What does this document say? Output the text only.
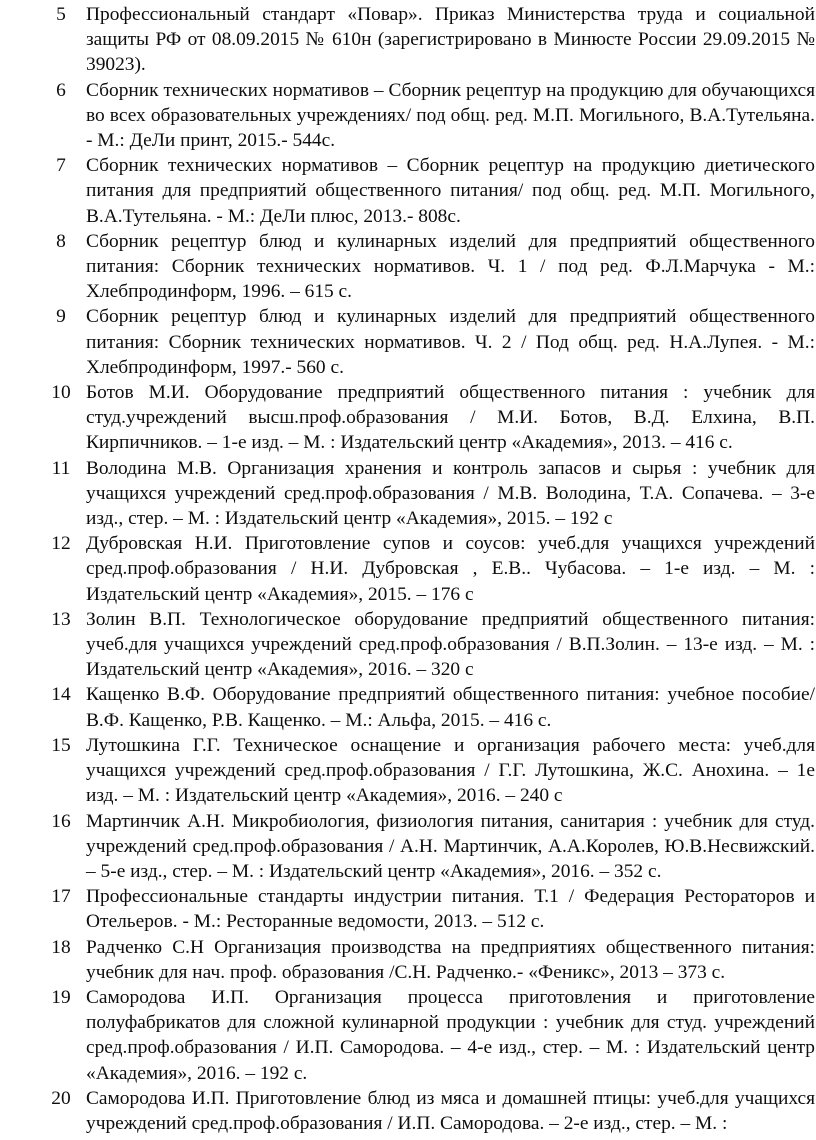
5	Профессиональный стандарт «Повар». Приказ Министерства труда и социальной защиты РФ от 08.09.2015 № 610н (зарегистрировано в Минюсте России 29.09.2015 № 39023).
6	Сборник технических нормативов – Сборник рецептур на продукцию для обучающихся во всех образовательных учреждениях/ под общ. ред. М.П. Могильного, В.А.Тутельяна. - М.: ДеЛи принт, 2015.- 544с.
7	Сборник технических нормативов – Сборник рецептур на продукцию диетического питания для предприятий общественного питания/ под общ. ред. М.П. Могильного, В.А.Тутельяна. - М.: ДеЛи плюс, 2013.- 808с.
8	Сборник рецептур блюд и кулинарных изделий для предприятий общественного питания: Сборник технических нормативов. Ч. 1 / под ред. Ф.Л.Марчука - М.: Хлебпродинформ, 1996. – 615 с.
9	Сборник рецептур блюд и кулинарных изделий для предприятий общественного питания: Сборник технических нормативов. Ч. 2 / Под общ. ред. Н.А.Лупея. - М.: Хлебпродинформ, 1997.- 560 с.
10 Ботов М.И. Оборудование предприятий общественного питания : учебник для студ.учреждений высш.проф.образования / М.И. Ботов, В.Д. Елхина, В.П. Кирпичников. – 1-е изд. – М. : Издательский центр «Академия», 2013. – 416 с.
11 Володина М.В. Организация хранения и контроль запасов и сырья : учебник для учащихся учреждений сред.проф.образования / М.В. Володина, Т.А. Сопачева. – 3-е изд., стер. – М. : Издательский центр «Академия», 2015. – 192 с
12 Дубровская Н.И. Приготовление супов и соусов: учеб.для учащихся учреждений сред.проф.образования / Н.И. Дубровская , Е.В.. Чубасова. – 1-е изд. – М. : Издательский центр «Академия», 2015. – 176 с
13 Золин В.П. Технологическое оборудование предприятий общественного питания: учеб.для учащихся учреждений сред.проф.образования / В.П.Золин. – 13-е изд. – М. : Издательский центр «Академия», 2016. – 320 с
14 Кащенко В.Ф. Оборудование предприятий общественного питания: учебное пособие/В.Ф. Кащенко, Р.В. Кащенко. – М.: Альфа, 2015. – 416 с.
15 Лутошкина Г.Г. Техническое оснащение и организация рабочего места: учеб.для учащихся учреждений сред.проф.образования / Г.Г. Лутошкина, Ж.С. Анохина. – 1е изд. – М. : Издательский центр «Академия», 2016. – 240 с
16 Мартинчик А.Н. Микробиология, физиология питания, санитария : учебник для студ. учреждений сред.проф.образования / А.Н. Мартинчик, А.А.Королев, Ю.В.Несвижский. – 5-е изд., стер. – М. : Издательский центр «Академия», 2016. – 352 с.
17 Профессиональные стандарты индустрии питания. Т.1 / Федерация Рестораторов и Отельеров. - М.: Ресторанные ведомости, 2013. – 512 с.
18 Радченко С.Н Организация производства на предприятиях общественного питания: учебник для нач. проф. образования /С.Н. Радченко.- «Феникс», 2013 – 373 с.
19 Самородова И.П. Организация процесса приготовления и приготовление полуфабрикатов для сложной кулинарной продукции : учебник для студ. учреждений сред.проф.образования / И.П. Самородова. – 4-е изд., стер. – М. : Издательский центр «Академия», 2016. – 192 с.
20 Самородова И.П. Приготовление блюд из мяса и домашней птицы: учеб.для учащихся учреждений сред.проф.образования / И.П. Самородова. – 2-е изд., стер. – М. :
